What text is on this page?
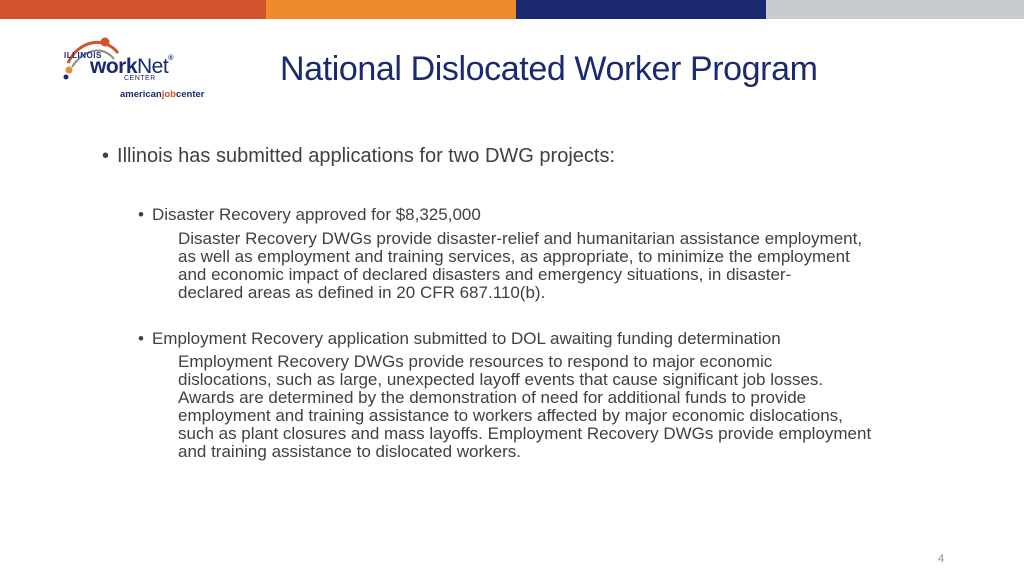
ILLINOIS
workNet®
CENTER
americanjobcenter
National Dislocated Worker Program
• Illinois has submitted applications for two DWG projects:
• Disaster Recovery approved for $8,325,000
Disaster Recovery DWGs provide disaster-relief and humanitarian assistance employment,
as well as employment and training services, as appropriate, to minimize the employment
and economic impact of declared disasters and emergency situations, in disaster-
declared areas as defined in 20 CFR 687.110(b).
• Employment Recovery application submitted to DOL awaiting funding determination
Employment Recovery DWGs provide resources to respond to major economic
dislocations, such as large, unexpected layoff events that cause significant job losses.
Awards are determined by the demonstration of need for additional funds to provide
employment and training assistance to workers affected by major economic dislocations,
such as plant closures and mass layoffs. Employment Recovery DWGs provide employment
and training assistance to dislocated workers.
4
